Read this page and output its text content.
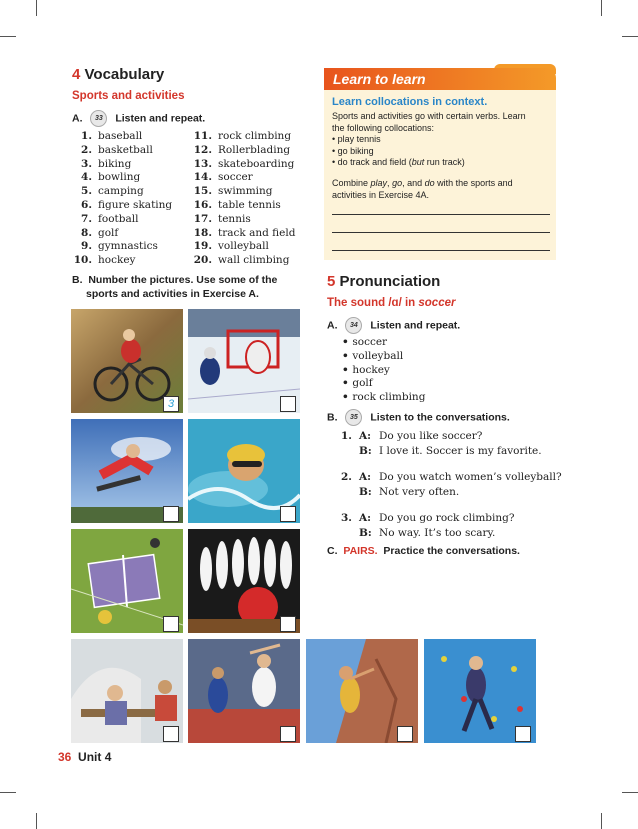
4 Vocabulary
Sports and activities
A. 33 Listen and repeat.
1. baseball
2. basketball
3. biking
4. bowling
5. camping
6. figure skating
7. football
8. golf
9. gymnastics
10. hockey
11. rock climbing
12. Rollerblading
13. skateboarding
14. soccer
15. swimming
16. table tennis
17. tennis
18. track and field
19. volleyball
20. wall climbing
B. Number the pictures. Use some of the
sports and activities in Exercise A.
3
Learn to learn
Learn collocations in context.
Sports and activities go with certain verbs. Learn
the following collocations:
• play tennis
• go biking
• do track and field (but run track)
Combine play, go, and do with the sports and
activities in Exercise 4A.
5 Pronunciation
The sound /ɑ/ in soccer
A. 34 Listen and repeat.
• soccer
• volleyball
• hockey
• golf
• rock climbing
B. 35 Listen to the conversations.
1. A: Do you like soccer?
B: I love it. Soccer is my favorite.
2. A: Do you watch women’s volleyball?
B: Not very often.
3. A: Do you go rock climbing?
B: No way. It’s too scary.
C. PAIRS. Practice the conversations.
36 Unit 4
